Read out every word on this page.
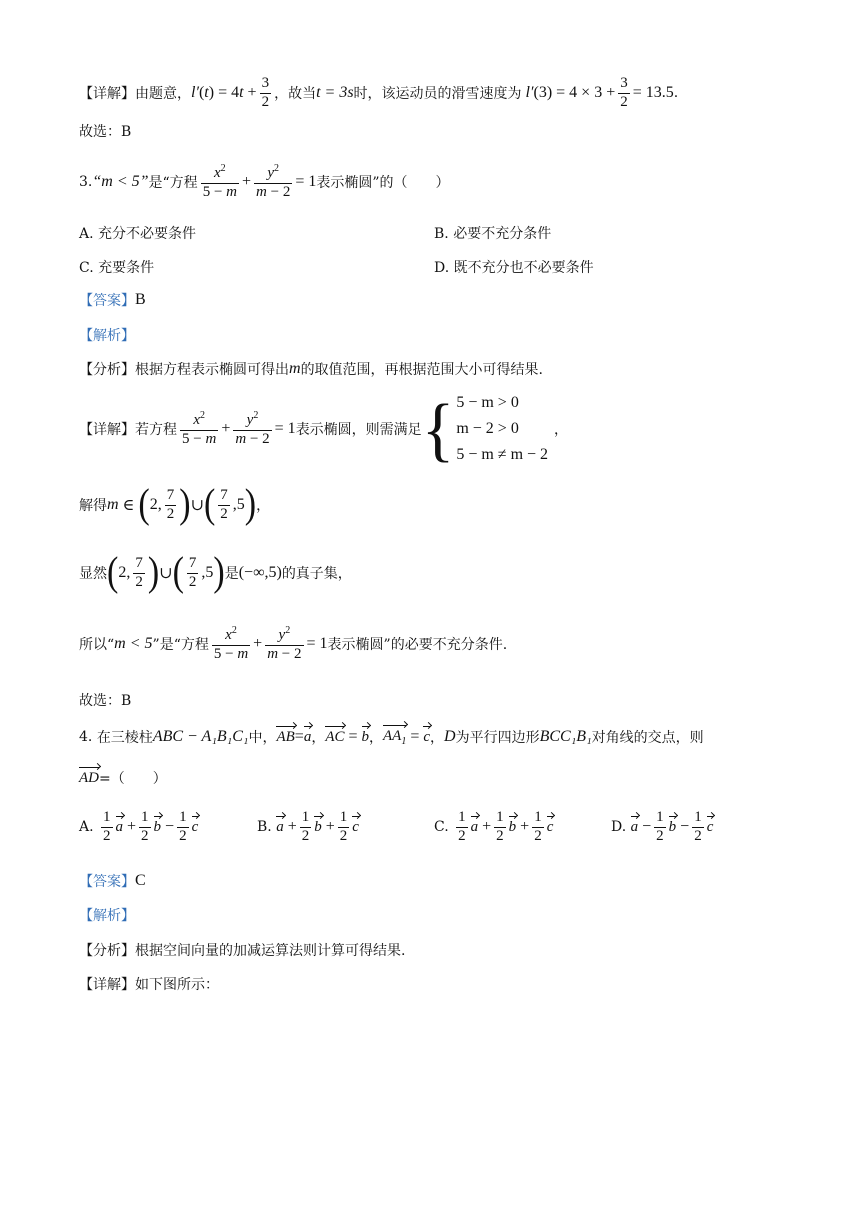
【详解】 由题意， l′ ( t ) = 4 $t + \frac{3}{2}$ ，故当 t = 3s 时，该运动员的滑雪速度为 l′ $(3) = 4 \times 3 + \frac{3}{2} = 13.5$ .
故选：B
3. “m < 5” 是“方程 $\frac{x^2}{5 - m} + \frac{y^2}{m - 2} = 1$ 表示椭圆”的（　　）
A. 充分不必要条件	B. 必要不充分条件
C. 充要条件	D. 既不充分也不必要条件
【答案】 B
【解析】
【分析】 根据方程表示椭圆可得出 m 的取值范围，再根据范围大小可得结果.
【详解】 若方程 $\frac{x^2}{5 - m} + \frac{y^2}{m - 2} = 1$ 表示椭圆，则需满足 { 5 − m > 0
m − 2 > 0
5 − m ≠ m − 2
，
解得 m ∈ ( 2, $\frac{7}{2}$ ) ∪ ( $\frac{7}{2} ,5$ ) ，
显然 ( 2, $\frac{7}{2}$ ) ∪ ( $\frac{7}{2} ,5$ ) 是 (−∞,5) 的真子集，
所以“ m < 5 ”是“方程 $\frac{x^2}{5 - m} + \frac{y^2}{m - 2} = 1$ 表示椭圆”的必要不充分条件.
故选：B
4.
在三棱柱 ABC − A₁B₁C₁ 中， AB = a ， AC = b ， $AA_1 = c$ ， D 为平行四边形 BCC₁B₁ 对角线的交点，则
AD =（　　）
A.
$\frac{1}{2}$ $a + \frac{1}{2}$ $b - \frac{1}{2}$ c	B.
$a + \frac{1}{2}$ $b + \frac{1}{2}$ c	C.
$\frac{1}{2}$ $a + \frac{1}{2}$ $b + \frac{1}{2}$ c	D.
$a - \frac{1}{2}$ $b - \frac{1}{2}$ c
【答案】 C
【解析】
【分析】 根据空间向量的加减运算法则计算可得结果.
【详解】 如下图所示：
